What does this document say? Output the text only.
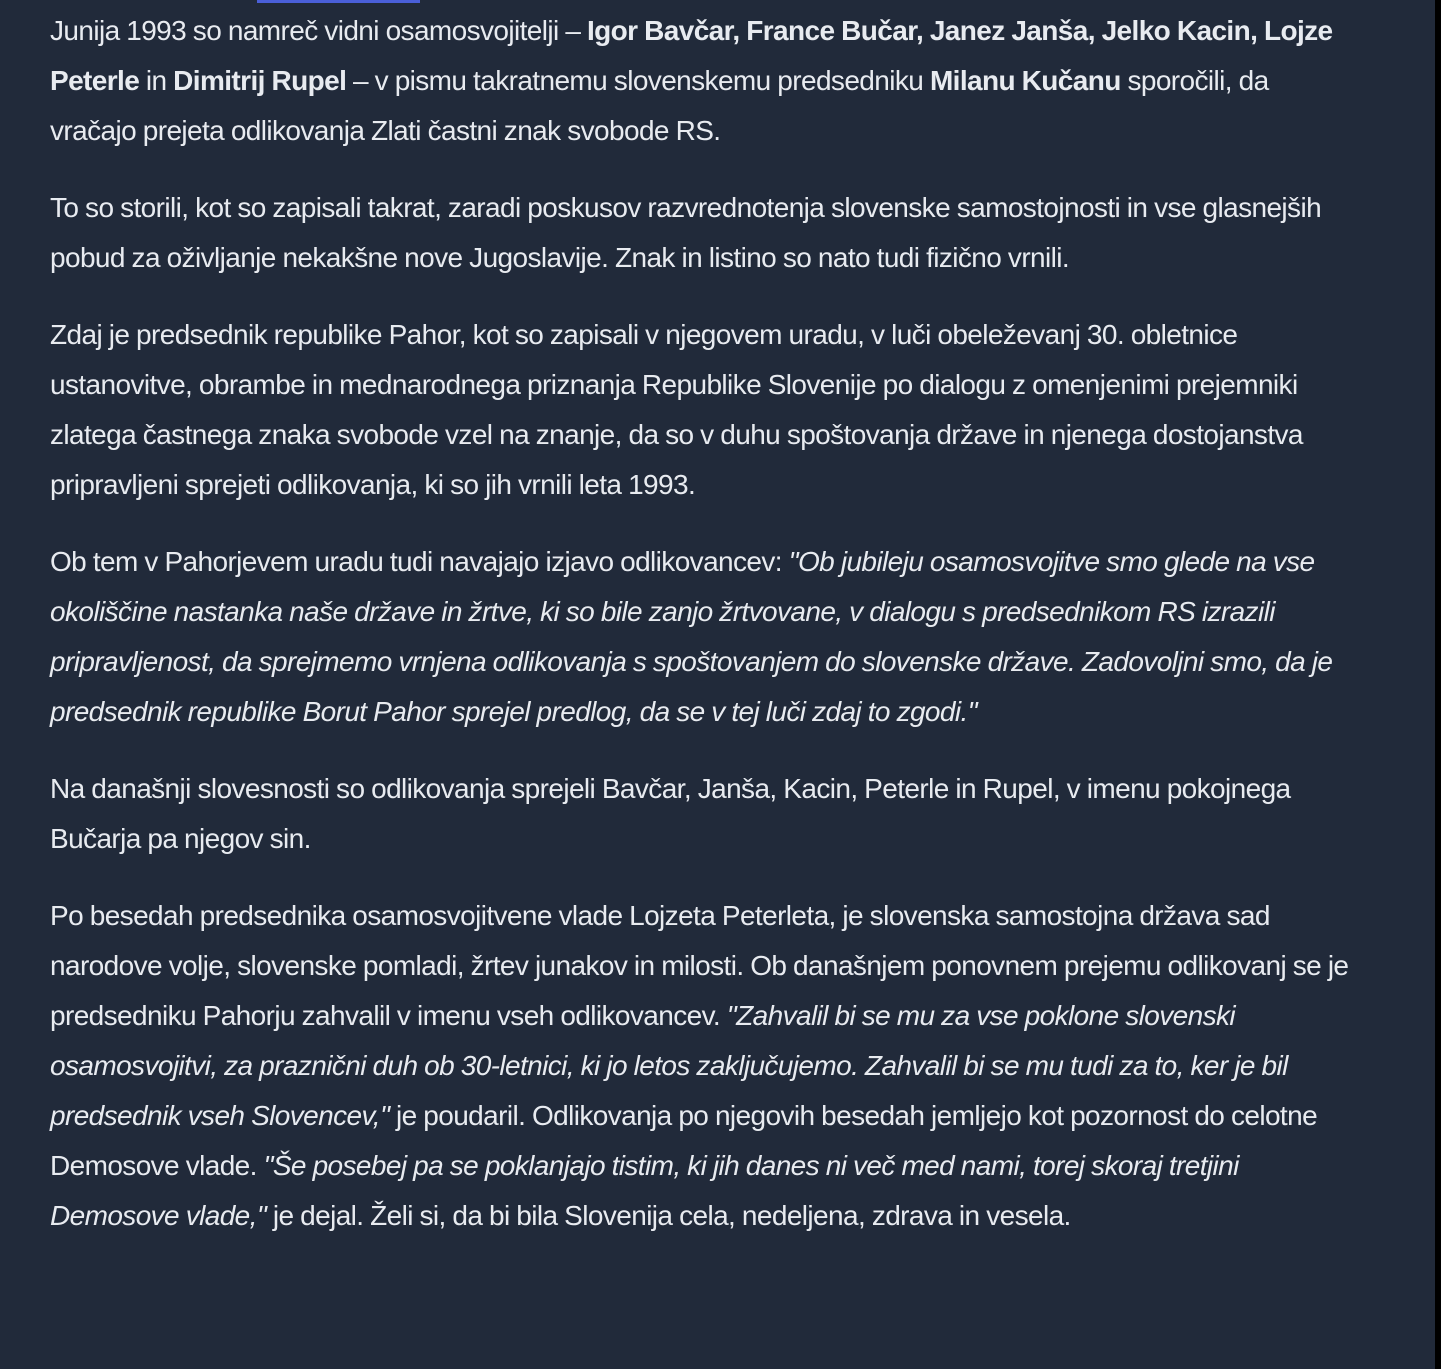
Junija 1993 so namreč vidni osamosvojitelji – Igor Bavčar, France Bučar, Janez Janša, Jelko Kacin, Lojze Peterle in Dimitrij Rupel – v pismu takratnemu slovenskemu predsedniku Milanu Kučanu sporočili, da vračajo prejeta odlikovanja Zlati častni znak svobode RS.

To so storili, kot so zapisali takrat, zaradi poskusov razvrednotenja slovenske samostojnosti in vse glasnejših pobud za oživljanje nekakšne nove Jugoslavije. Znak in listino so nato tudi fizično vrnili.

Zdaj je predsednik republike Pahor, kot so zapisali v njegovem uradu, v luči obeleževanj 30. obletnice ustanovitve, obrambe in mednarodnega priznanja Republike Slovenije po dialogu z omenjenimi prejemniki zlatega častnega znaka svobode vzel na znanje, da so v duhu spoštovanja države in njenega dostojanstva pripravljeni sprejeti odlikovanja, ki so jih vrnili leta 1993.

Ob tem v Pahorjevem uradu tudi navajajo izjavo odlikovancev: "Ob jubileju osamosvojitve smo glede na vse okoliščine nastanka naše države in žrtve, ki so bile zanjo žrtvovane, v dialogu s predsednikom RS izrazili pripravljenost, da sprejmemo vrnjena odlikovanja s spoštovanjem do slovenske države. Zadovoljni smo, da je predsednik republike Borut Pahor sprejel predlog, da se v tej luči zdaj to zgodi."

Na današnji slovesnosti so odlikovanja sprejeli Bavčar, Janša, Kacin, Peterle in Rupel, v imenu pokojnega Bučarja pa njegov sin.

Po besedah predsednika osamosvojitvene vlade Lojzeta Peterleta, je slovenska samostojna država sad narodove volje, slovenske pomladi, žrtev junakov in milosti. Ob današnjem ponovnem prejemu odlikovanj se je predsedniku Pahorju zahvalil v imenu vseh odlikovancev. "Zahvalil bi se mu za vse poklone slovenski osamosvojitvi, za praznični duh ob 30-letnici, ki jo letos zaključujemo. Zahvalil bi se mu tudi za to, ker je bil predsednik vseh Slovencev," je poudaril. Odlikovanja po njegovih besedah jemljejo kot pozornost do celotne Demosove vlade. "Še posebej pa se poklanjajo tistim, ki jih danes ni več med nami, torej skoraj tretjini Demosove vlade," je dejal. Želi si, da bi bila Slovenija cela, nedeljena, zdrava in vesela.
